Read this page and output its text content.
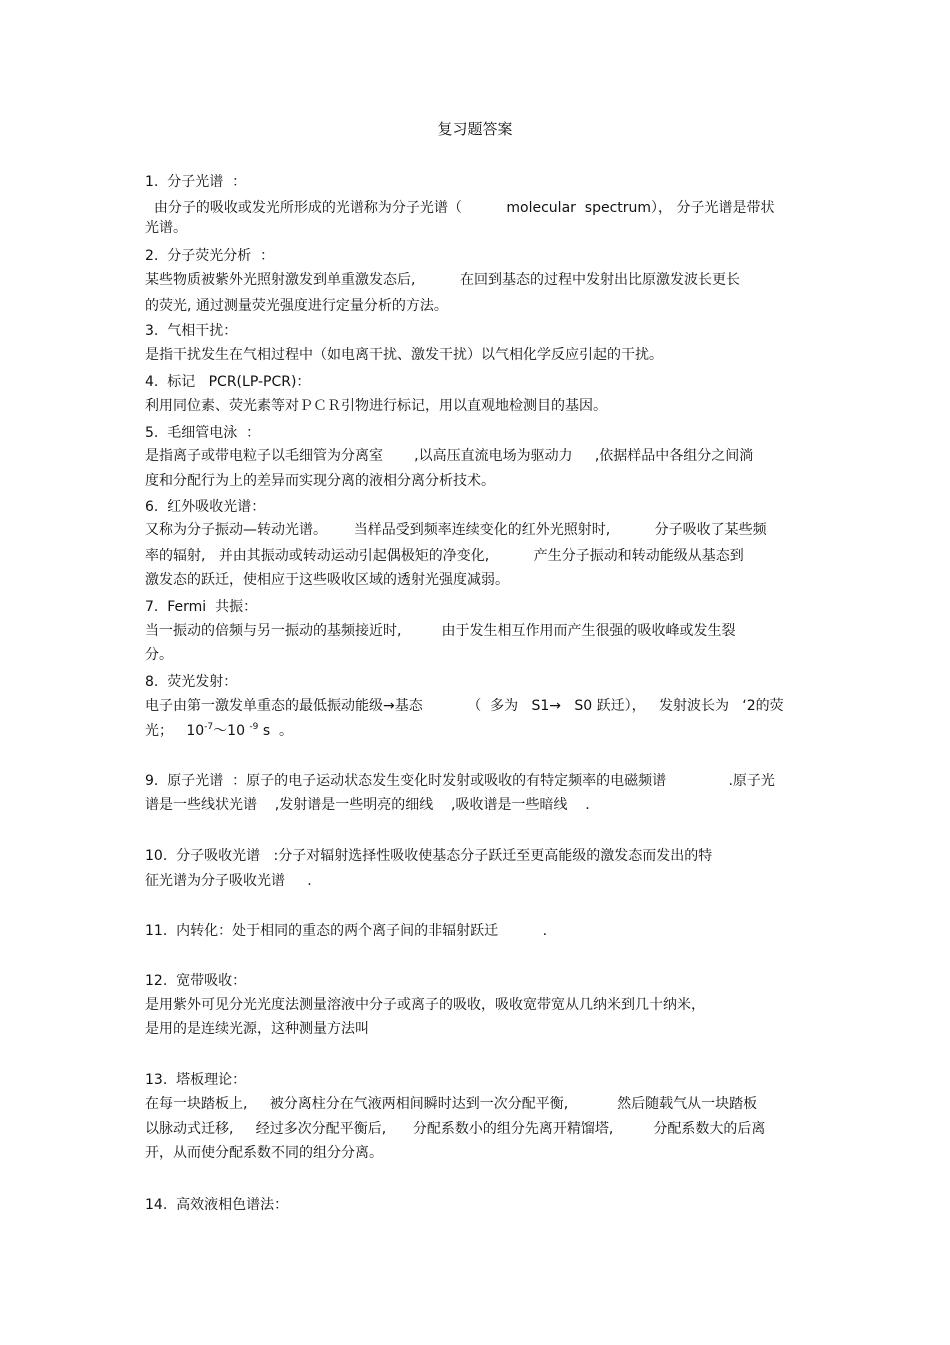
复习题答案
1.  分子光谱  ：
由分子的吸收或发光所形成的光谱称为分子光谱（          molecular  spectrum）， 分子光谱是带状
光谱。
2.  分子荧光分析  ：
某些物质被紫外光照射激发到单重激发态后,          在回到基态的过程中发射出比原激发波长更长
的荧光, 通过测量荧光强度进行定量分析的方法。
3.  气相干扰：
是指干扰发生在气相过程中（如电离干扰、激发干扰）以气相化学反应引起的干扰。
4.  标记   PCR(LP-PCR)：
利用同位素、荧光素等对ＰＣＲ引物进行标记，用以直观地检测目的基因。
5.  毛细管电泳  ：
是指离子或带电粒子以毛细管为分离室       ,以高压直流电场为驱动力     ,依据样品中各组分之间淌
度和分配行为上的差异而实现分离的液相分离分析技术。
6.  红外吸收光谱：
又称为分子振动—转动光谱。      当样品受到频率连续变化的红外光照射时,          分子吸收了某些频
率的辐射,   并由其振动或转动运动引起偶极矩的净变化,          产生分子振动和转动能级从基态到
激发态的跃迁，使相应于这些吸收区域的透射光强度减弱。
7.  Fermi  共振：
当一振动的倍频与另一振动的基频接近时,         由于发生相互作用而产生很强的吸收峰或发生裂
分。
8.  荧光发射：
电子由第一激发单重态的最低振动能级→基态          （  多为   S1→   S0 跃迁），   发射波长为   ‘2的荧
光；   $10^{-7}\sim 10$ $^{-9}$ s  。
9.  原子光谱  ：原子的电子运动状态发生变化时发射或吸收的有特定频率的电磁频谱              .原子光
谱是一些线状光谱    ,发射谱是一些明亮的细线    ,吸收谱是一些暗线    .
10.  分子吸收光谱   :分子对辐射选择性吸收使基态分子跃迁至更高能级的激发态而发出的特
征光谱为分子吸收光谱     .
11.  内转化：处于相同的重态的两个离子间的非辐射跃迁          .
12.  宽带吸收：
是用紫外可见分光光度法测量溶液中分子或离子的吸收，吸收宽带宽从几纳米到几十纳米，
是用的是连续光源，这种测量方法叫
13.  塔板理论：
在每一块踏板上,     被分离柱分在气液两相间瞬时达到一次分配平衡,           然后随载气从一块踏板
以脉动式迁移,     经过多次分配平衡后,      分配系数小的组分先离开精馏塔,         分配系数大的后离
开，从而使分配系数不同的组分分离。
14.  高效液相色谱法：
